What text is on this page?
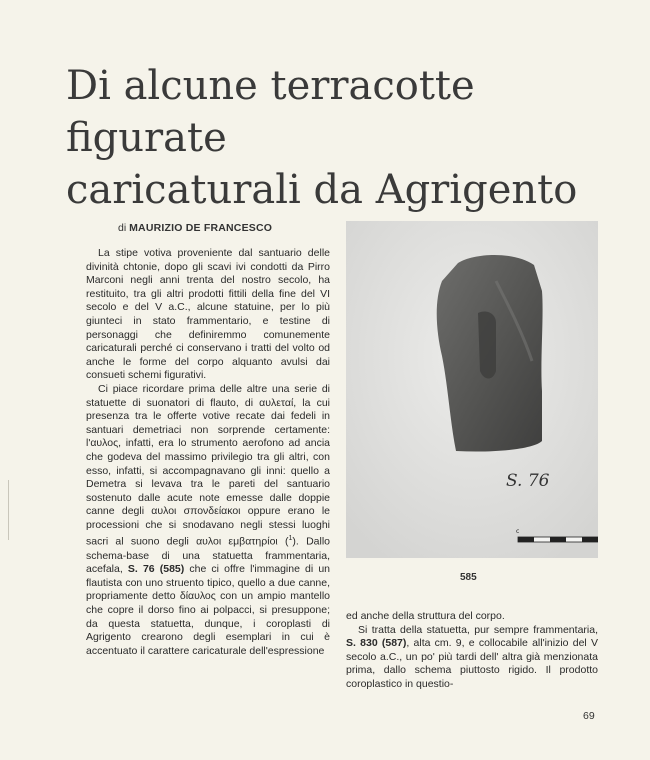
Di alcune terracotte figurate
caricaturali da Agrigento
di MAURIZIO DE FRANCESCO

La stipe votiva proveniente dal santuario delle divinità chtonie, dopo gli scavi ivi condotti da Pirro Marconi negli anni trenta del nostro secolo, ha restituito, tra gli altri prodotti fittili della fine del VI secolo e del V a.C., alcune statuine, per lo più giunteci in stato frammentario, e testine di personaggi che definiremmo comunemente caricaturali perché ci conservano i tratti del volto od anche le forme del corpo alquanto avulsi dai consueti schemi figurativi.

Ci piace ricordare prima delle altre una serie di statuette di suonatori di flauto, di αυλεταί, la cui presenza tra le offerte votive recate dai fedeli in santuari demetriaci non sorprende certamente: l'αυλος, infatti, era lo strumento aerofono ad ancia che godeva del massimo privilegio tra gli altri, con esso, infatti, si accompagnavano gli inni: quello a Demetra si levava tra le pareti del santuario sostenuto dalle acute note emesse dalle doppie canne degli αυλοι σπονδείακοι oppure erano le processioni che si snodavano negli stessi luoghi sacri al suono degli αυλοι εμβατηρίοι ($^1$). Dallo schema-base di una statuetta frammentaria, acefala, S. 76 (585) che ci offre l'immagine di un flautista con uno struento tipico, quello a due canne, propriamente detto δίαυλος con un ampio mantello che copre il dorso fino ai polpacci, si presuppone; da questa statuetta, dunque, i coroplasti di Agrigento crearono degli esemplari in cui è accentuato il carattere caricaturale dell'espressione

S. 76
c
585

ed anche della struttura del corpo.

Si tratta della statuetta, pur sempre frammentaria, S. 830 (587), alta cm. 9, e collocabile all'inizio del V secolo a.C., un po' più tardi dell' altra già menzionata prima, dallo schema piuttosto rigido. Il prodotto coroplastico in questio-

69
